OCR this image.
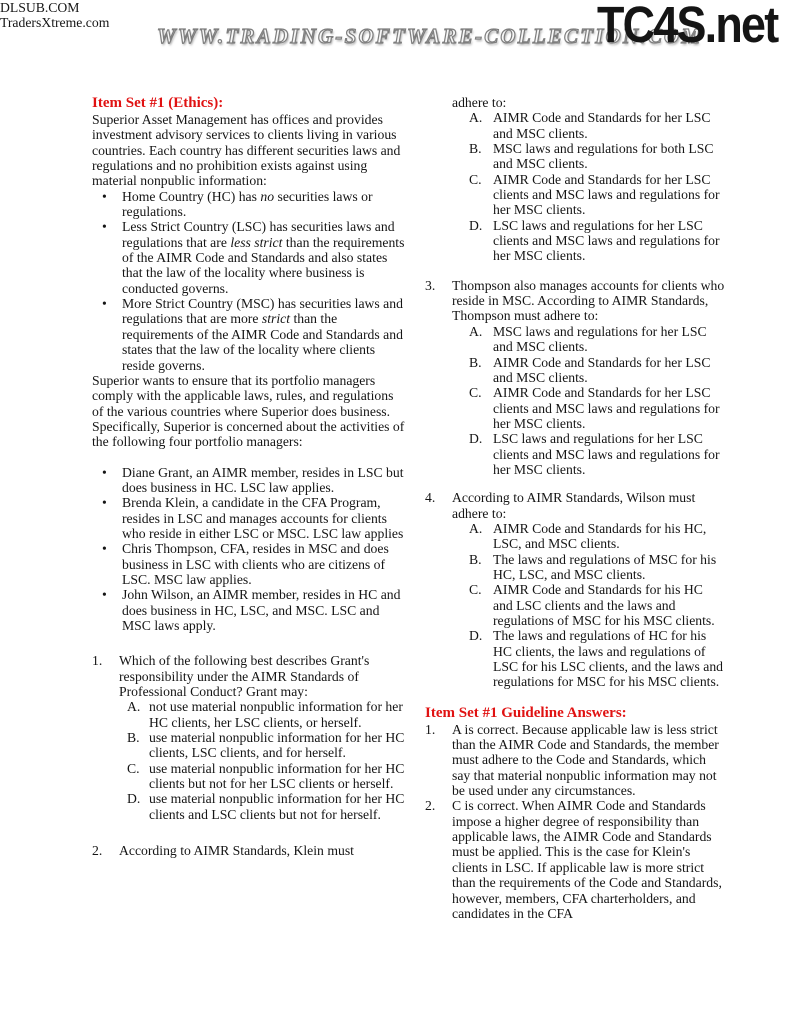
WWW.TRADING-SOFTWARE-COLLECTION.COM
TC4S.net
Item Set #1 (Ethics):

Superior Asset Management has offices and provides investment advisory services to clients living in various countries. Each country has different securities laws and regulations and no prohibition exists against using material nonpublic information:

•	Home Country (HC) has no securities laws or regulations.
•	Less Strict Country (LSC) has securities laws and regulations that are less strict than the requirements of the AIMR Code and Standards and also states that the law of the locality where business is conducted governs.
•	More Strict Country (MSC) has securities laws and regulations that are more strict than the requirements of the AIMR Code and Standards and states that the law of the locality where clients reside governs.

Superior wants to ensure that its portfolio managers comply with the applicable laws, rules, and regulations of the various countries where Superior does business. Specifically, Superior is concerned about the activities of the following four portfolio managers:

•	Diane Grant, an AIMR member, resides in LSC but does business in HC. LSC law applies.
•	Brenda Klein, a candidate in the CFA Program, resides in LSC and manages accounts for clients who reside in either LSC or MSC. LSC law applies
•	Chris Thompson, CFA, resides in MSC and does business in LSC with clients who are citizens of LSC. MSC law applies.
•	John Wilson, an AIMR member, resides in HC and does business in HC, LSC, and MSC. LSC and MSC laws apply.
1.	Which of the following best describes Grant's responsibility under the AIMR Standards of Professional Conduct? Grant may:
A. not use material nonpublic information for her HC clients, her LSC clients, or herself.
B. use material nonpublic information for her HC clients, LSC clients, and for herself.
C. use material nonpublic information for her HC clients but not for her LSC clients or herself.
D. use material nonpublic information for her HC clients and LSC clients but not for herself.
2.	According to AIMR Standards, Klein must
adhere to:
A. AIMR Code and Standards for her LSC and MSC clients.
B. MSC laws and regulations for both LSC and MSC clients.
C. AIMR Code and Standards for her LSC clients and MSC laws and regulations for her MSC clients.
D. LSC laws and regulations for her LSC clients and MSC laws and regulations for her MSC clients.
3.	Thompson also manages accounts for clients who reside in MSC. According to AIMR Standards, Thompson must adhere to:
A. MSC laws and regulations for her LSC and MSC clients.
B. AIMR Code and Standards for her LSC and MSC clients.
C. AIMR Code and Standards for her LSC clients and MSC laws and regulations for her MSC clients.
D. LSC laws and regulations for her LSC clients and MSC laws and regulations for her MSC clients.
4.	According to AIMR Standards, Wilson must adhere to:
A. AIMR Code and Standards for his HC, LSC, and MSC clients.
B. The laws and regulations of MSC for his HC, LSC, and MSC clients.
C. AIMR Code and Standards for his HC and LSC clients and the laws and regulations of MSC for his MSC clients.
D. The laws and regulations of HC for his HC clients, the laws and regulations of LSC for his LSC clients, and the laws and regulations for MSC for his MSC clients.
Item Set #1 Guideline Answers:
1.	A is correct. Because applicable law is less strict than the AIMR Code and Standards, the member must adhere to the Code and Standards, which say that material nonpublic information may not be used under any circumstances.
2.	C is correct. When AIMR Code and Standards impose a higher degree of responsibility than applicable laws, the AIMR Code and Standards must be applied. This is the case for Klein's clients in LSC. If applicable law is more strict than the requirements of the Code and Standards, however, members, CFA charterholders, and candidates in the CFA
DLSUB.COM
TradersXtreme.com
